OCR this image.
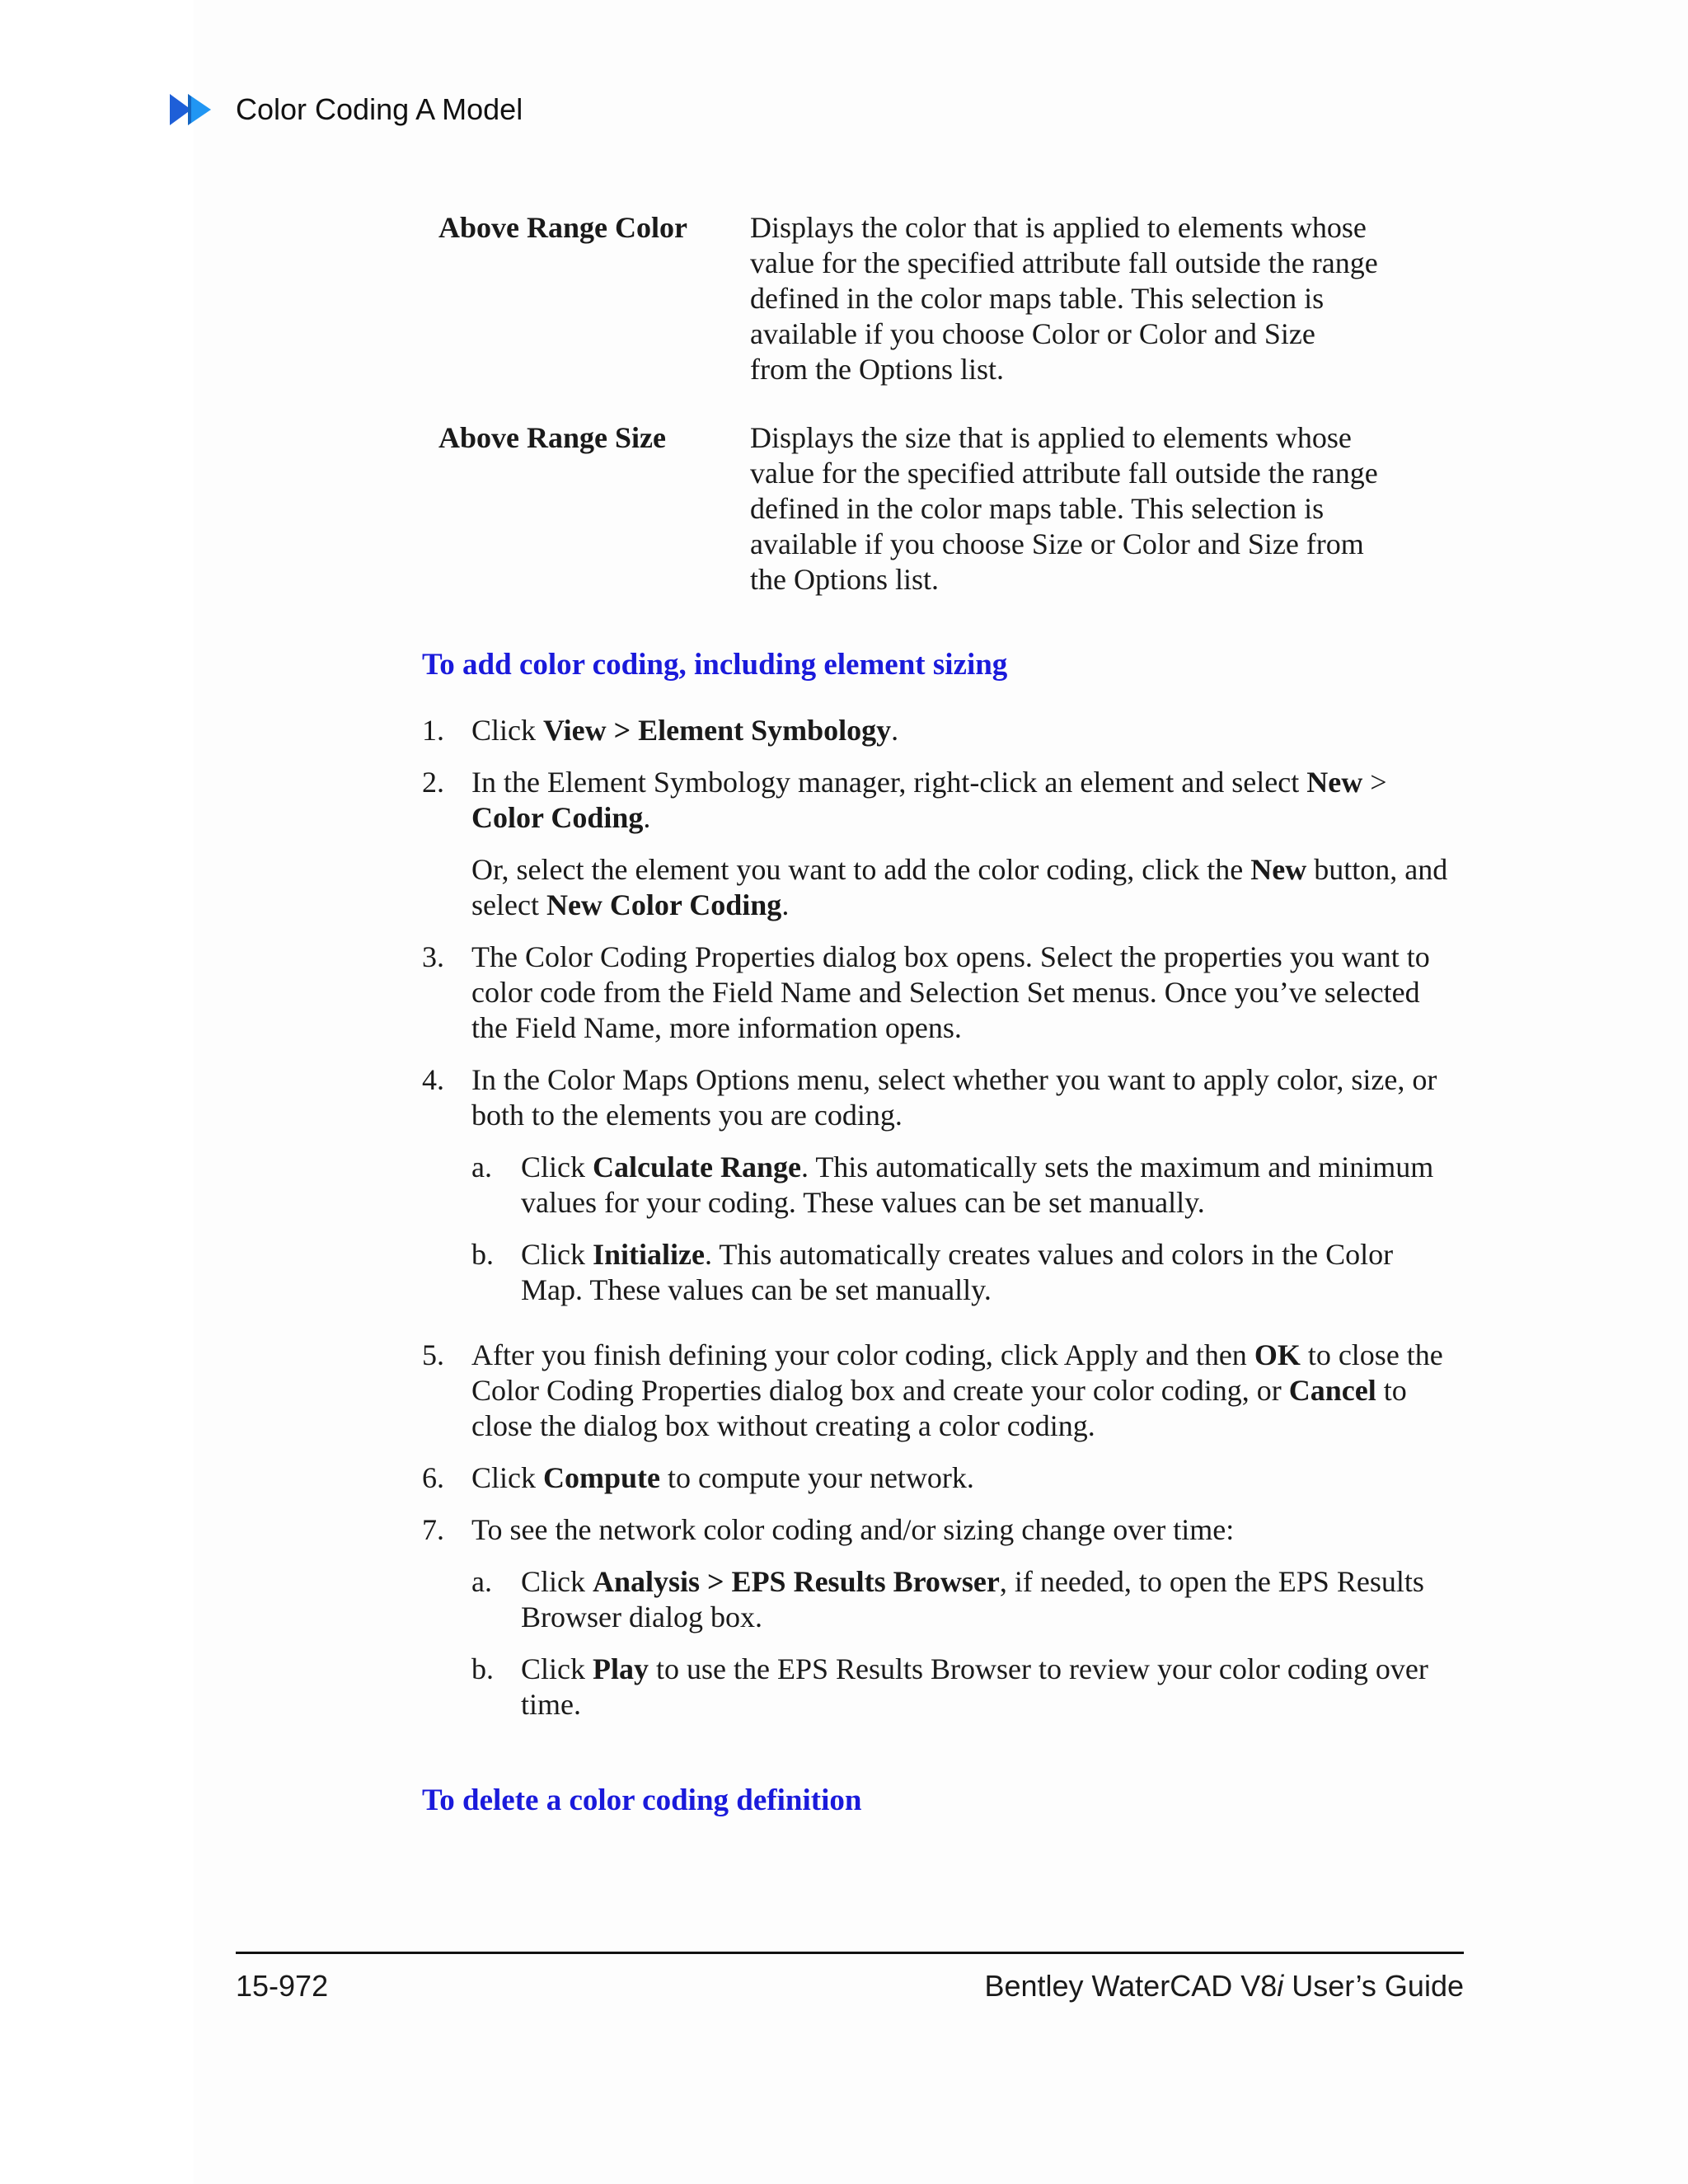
Color Coding A Model
Above Range Color	Displays the color that is applied to elements whose value for the specified attribute fall outside the range defined in the color maps table. This selection is available if you choose Color or Color and Size from the Options list.
Above Range Size	Displays the size that is applied to elements whose value for the specified attribute fall outside the range defined in the color maps table. This selection is available if you choose Size or Color and Size from the Options list.
To add color coding, including element sizing
1. Click View > Element Symbology.

2. In the Element Symbology manager, right-click an element and select New > Color Coding.

Or, select the element you want to add the color coding, click the New button, and select New Color Coding.

3. The Color Coding Properties dialog box opens. Select the properties you want to color code from the Field Name and Selection Set menus. Once you’ve selected the Field Name, more information opens.

4. In the Color Maps Options menu, select whether you want to apply color, size, or both to the elements you are coding.

a. Click Calculate Range. This automatically sets the maximum and minimum values for your coding. These values can be set manually.
b. Click Initialize. This automatically creates values and colors in the Color Map. These values can be set manually.
5. After you finish defining your color coding, click Apply and then OK to close the Color Coding Properties dialog box and create your color coding, or Cancel to close the dialog box without creating a color coding.

6. Click Compute to compute your network.

7. To see the network color coding and/or sizing change over time:

a. Click Analysis > EPS Results Browser, if needed, to open the EPS Results Browser dialog box.
b. Click Play to use the EPS Results Browser to review your color coding over time.
To delete a color coding definition
15-972	Bentley WaterCAD V8i User’s Guide
